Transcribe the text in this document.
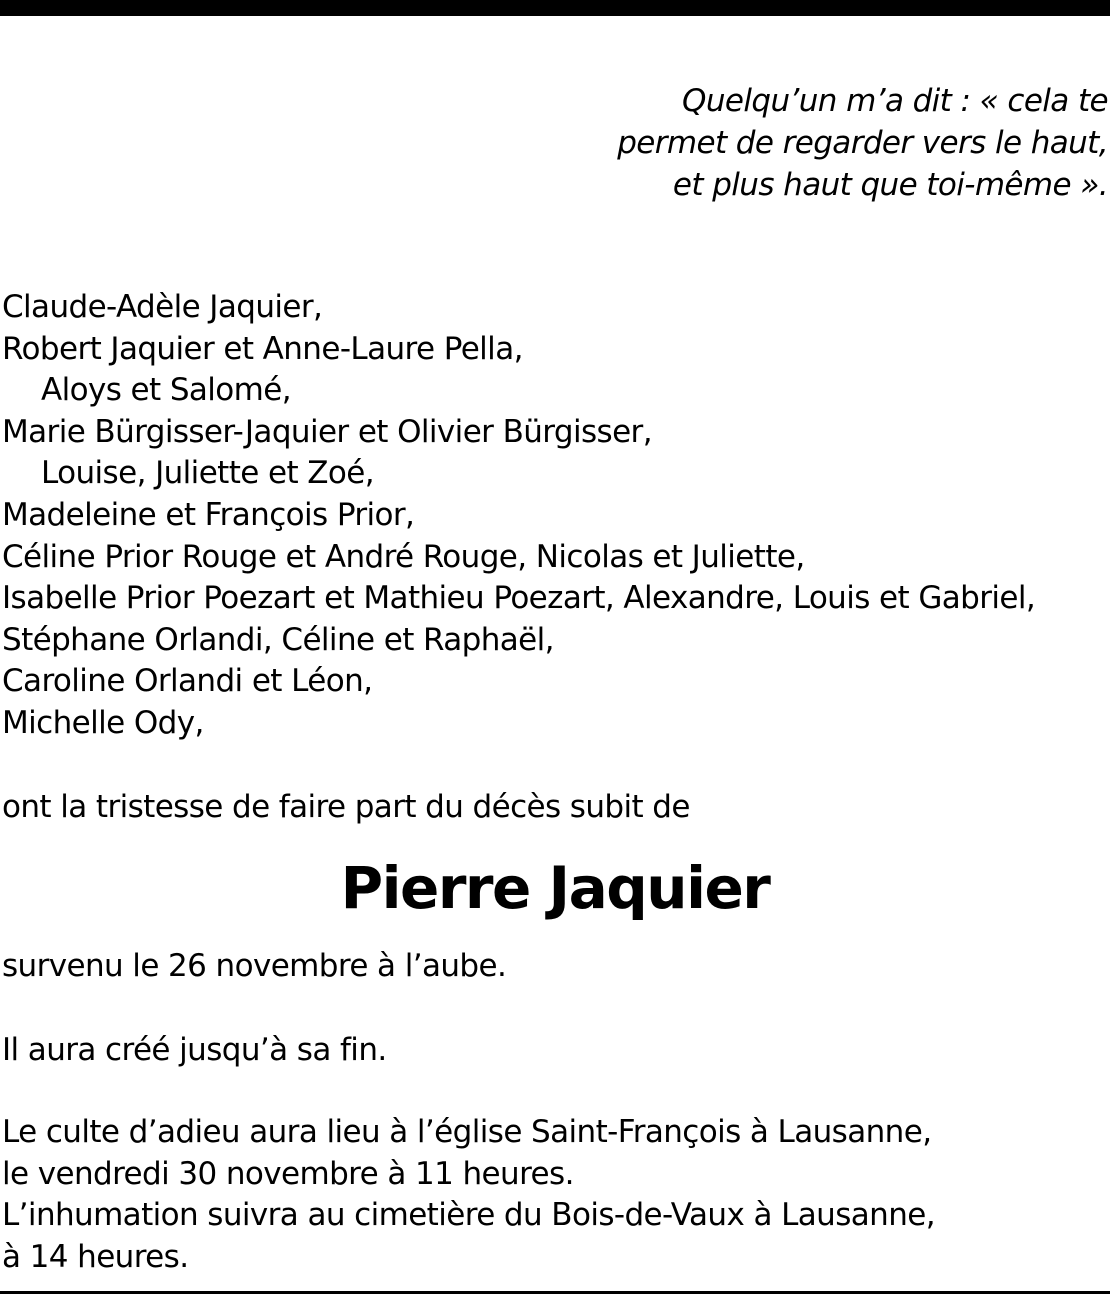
Quelqu’un m’a dit : « cela te
permet de regarder vers le haut,
et plus haut que toi-même ».
Claude-Adèle Jaquier,
Robert Jaquier et Anne-Laure Pella,
Aloys et Salomé,
Marie Bürgisser-Jaquier et Olivier Bürgisser,
Louise, Juliette et Zoé,
Madeleine et François Prior,
Céline Prior Rouge et André Rouge, Nicolas et Juliette,
Isabelle Prior Poezart et Mathieu Poezart, Alexandre, Louis et Gabriel,
Stéphane Orlandi, Céline et Raphaël,
Caroline Orlandi et Léon,
Michelle Ody,
ont la tristesse de faire part du décès subit de
Pierre Jaquier
survenu le 26 novembre à l’aube.
Il aura créé jusqu’à sa fin.
Le culte d’adieu aura lieu à l’église Saint-François à Lausanne,
le vendredi 30 novembre à 11 heures.
L’inhumation suivra au cimetière du Bois-de-Vaux à Lausanne,
à 14 heures.
